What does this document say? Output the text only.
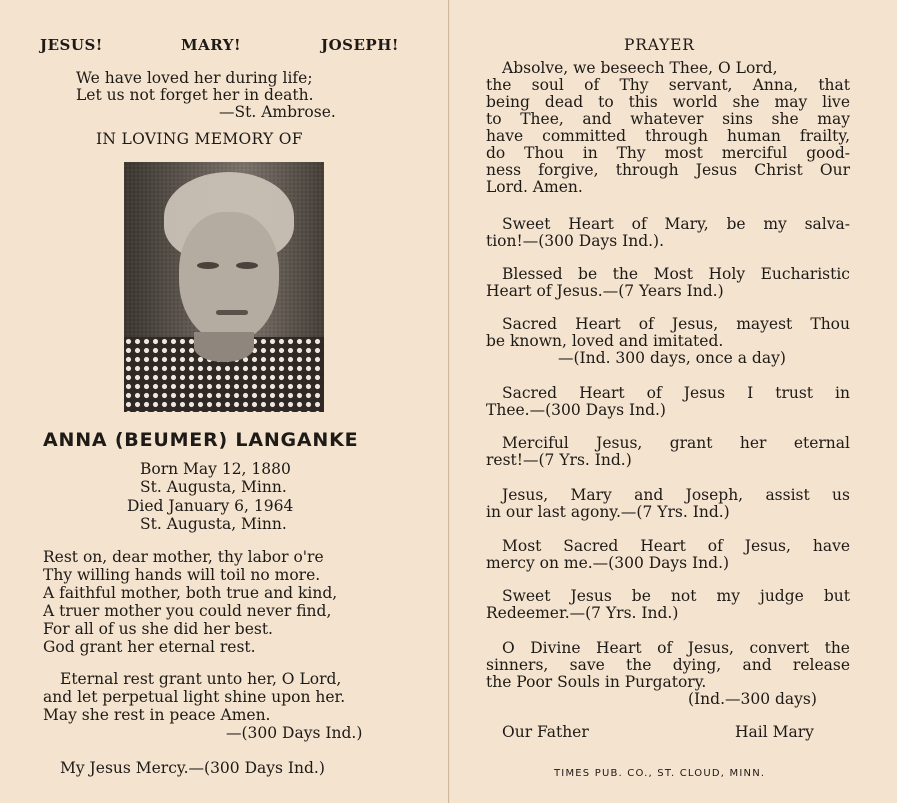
JESUS!	MARY!	JOSEPH!
We have loved her during life;
Let us not forget her in death.
—St. Ambrose.
IN LOVING MEMORY OF
ANNA (BEUMER) LANGANKE
Born May 12, 1880
St. Augusta, Minn.
Died January 6, 1964
St. Augusta, Minn.
Rest on, dear mother, thy labor o're
Thy willing hands will toil no more.
A faithful mother, both true and kind,
A truer mother you could never find,
For all of us she did her best.
God grant her eternal rest.
Eternal rest grant unto her, O Lord,
and let perpetual light shine upon her.
May she rest in peace Amen.
—(300 Days Ind.)
My Jesus Mercy.—(300 Days Ind.)
PRAYER
Absolve, we beseech Thee, O Lord,
the soul of Thy servant, Anna, that
being dead to this world she may live
to Thee, and whatever sins she may
have committed through human frailty,
do Thou in Thy most merciful good-
ness forgive, through Jesus Christ Our
Lord. Amen.
Sweet Heart of Mary, be my salva-
tion!—(300 Days Ind.).
Blessed be the Most Holy Eucharistic
Heart of Jesus.—(7 Years Ind.)
Sacred Heart of Jesus, mayest Thou
be known, loved and imitated.
—(Ind. 300 days, once a day)
Sacred Heart of Jesus I trust in
Thee.—(300 Days Ind.)
Merciful Jesus, grant her eternal
rest!—(7 Yrs. Ind.)
Jesus, Mary and Joseph, assist us
in our last agony.—(7 Yrs. Ind.)
Most Sacred Heart of Jesus, have
mercy on me.—(300 Days Ind.)
Sweet Jesus be not my judge but
Redeemer.—(7 Yrs. Ind.)
O Divine Heart of Jesus, convert the
sinners, save the dying, and release
the Poor Souls in Purgatory.
(Ind.—300 days)
Our Father	Hail Mary
TIMES PUB. CO., ST. CLOUD, MINN.
